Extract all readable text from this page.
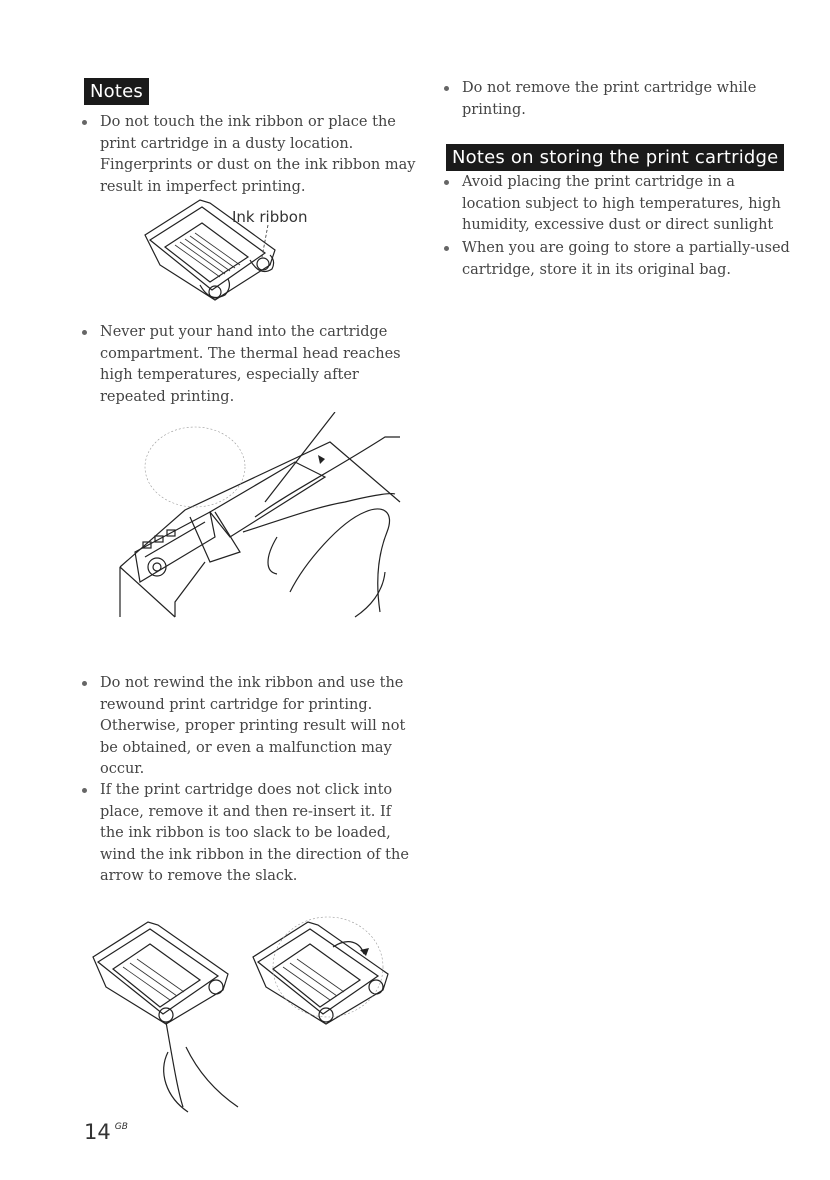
Notes
Do not touch the ink ribbon or place the print cartridge in a dusty location. Fingerprints or dust on the ink ribbon may result in imperfect printing.
Ink ribbon
Never put your hand into the cartridge compartment. The thermal head reaches high temperatures, especially after repeated printing.
Do not rewind the ink ribbon and use the rewound print cartridge for printing. Otherwise, proper printing result will not be obtained, or even a malfunction may occur.
If the print cartridge does not click into place, remove it and then re-insert it. If the ink ribbon is too slack to be loaded, wind the ink ribbon in the direction of the arrow to remove the slack.
Do not remove the print cartridge while printing.
Notes on storing the print cartridge
Avoid placing the print cartridge in a location subject to high temperatures, high humidity, excessive dust or direct sunlight
When you are going to store a partially-used cartridge, store it in its original bag.
14 $^{GB}$
